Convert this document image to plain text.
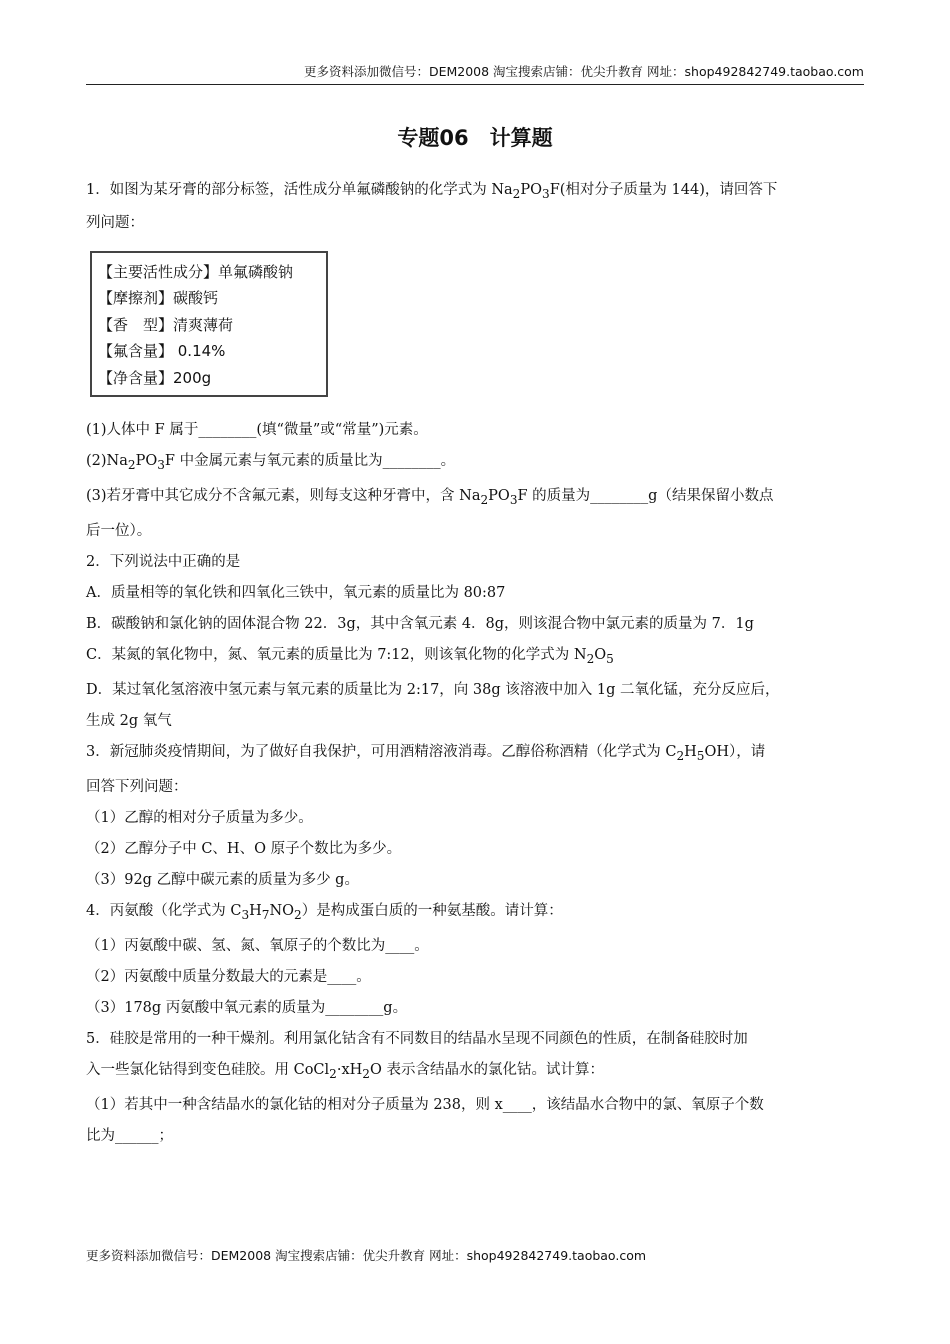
更多资料添加微信号：DEM2008 淘宝搜索店铺：优尖升教育 网址：shop492842749.taobao.com
专题06　计算题

1．如图为某牙膏的部分标签，活性成分单氟磷酸钠的化学式为 $Na_2PO_3F$(相对分子质量为 144)，请回答下

列问题：

【主要活性成分】单氟磷酸钠
【摩擦剂】碳酸钙
【香　型】清爽薄荷
【氟含量】 0.14%
【净含量】200g

(1)人体中 F 属于________(填“微量”或“常量”)元素。

$(2)Na_2PO_3F$ 中金属元素与氧元素的质量比为________。

(3)若牙膏中其它成分不含氟元素，则每支这种牙膏中，含 $Na_2PO_3F$ 的质量为________g（结果保留小数点

后一位）。

2．下列说法中正确的是

A．质量相等的氧化铁和四氧化三铁中，氧元素的质量比为 80:87

B．碳酸钠和氯化钠的固体混合物 22．3g，其中含氧元素 4．8g，则该混合物中氯元素的质量为 7．1g

C．某氮的氧化物中，氮、氧元素的质量比为 7:12，则该氧化物的化学式为 $N_2O_5$

D．某过氧化氢溶液中氢元素与氧元素的质量比为 2:17，向 38g 该溶液中加入 1g 二氧化锰，充分反应后，

生成 2g 氧气

3．新冠肺炎疫情期间，为了做好自我保护，可用酒精溶液消毒。乙醇俗称酒精（化学式为 $C_2H_5OH$），请

回答下列问题：

（1）乙醇的相对分子质量为多少。

（2）乙醇分子中 C、H、O 原子个数比为多少。

（3）92g 乙醇中碳元素的质量为多少 g。

4．丙氨酸（化学式为 $C_3H_7NO_2$）是构成蛋白质的一种氨基酸。请计算：

（1）丙氨酸中碳、氢、氮、氧原子的个数比为____。

（2）丙氨酸中质量分数最大的元素是____。

（3）178g 丙氨酸中氧元素的质量为________g。

5．硅胶是常用的一种干燥剂。利用氯化钴含有不同数目的结晶水呈现不同颜色的性质，在制备硅胶时加

入一些氯化钴得到变色硅胶。用 $CoCl_2\cdot xH_2O$ 表示含结晶水的氯化钴。试计算：

（1）若其中一种含结晶水的氯化钴的相对分子质量为 238，则 x____，该结晶水合物中的氯、氧原子个数

比为______；

更多资料添加微信号：DEM2008 淘宝搜索店铺：优尖升教育 网址：shop492842749.taobao.com
